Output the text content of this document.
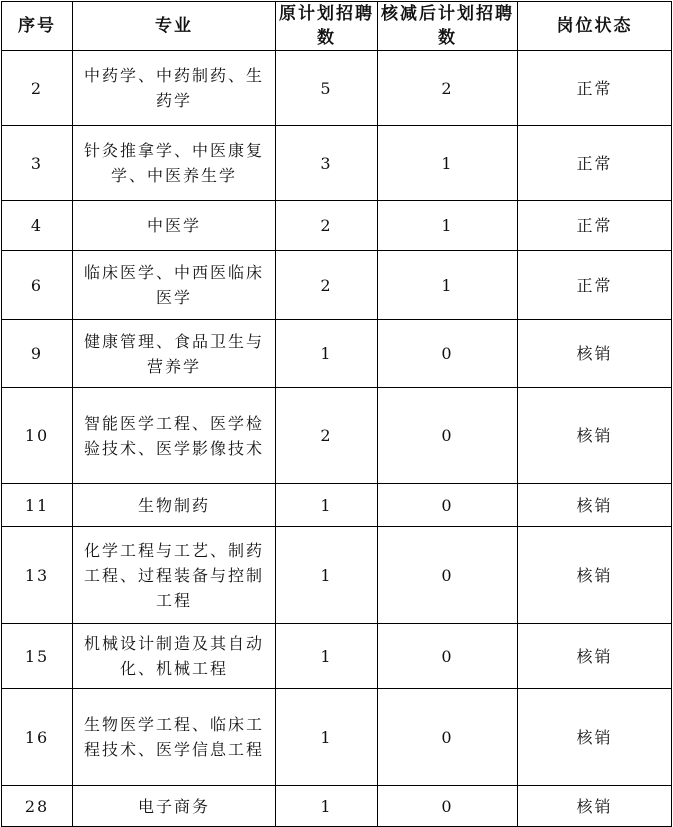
序号	专业	原计划招聘数	核减后计划招聘数	岗位状态
2	中药学、中药制药、生药学	5	2	正常
3	针灸推拿学、中医康复学、中医养生学	3	1	正常
4	中医学	2	1	正常
6	临床医学、中西医临床医学	2	1	正常
9	健康管理、食品卫生与营养学	1	0	核销
10	智能医学工程、医学检验技术、医学影像技术	2	0	核销
11	生物制药	1	0	核销
13	化学工程与工艺、制药工程、过程装备与控制工程	1	0	核销
15	机械设计制造及其自动化、机械工程	1	0	核销
16	生物医学工程、临床工程技术、医学信息工程	1	0	核销
28	电子商务	1	0	核销
